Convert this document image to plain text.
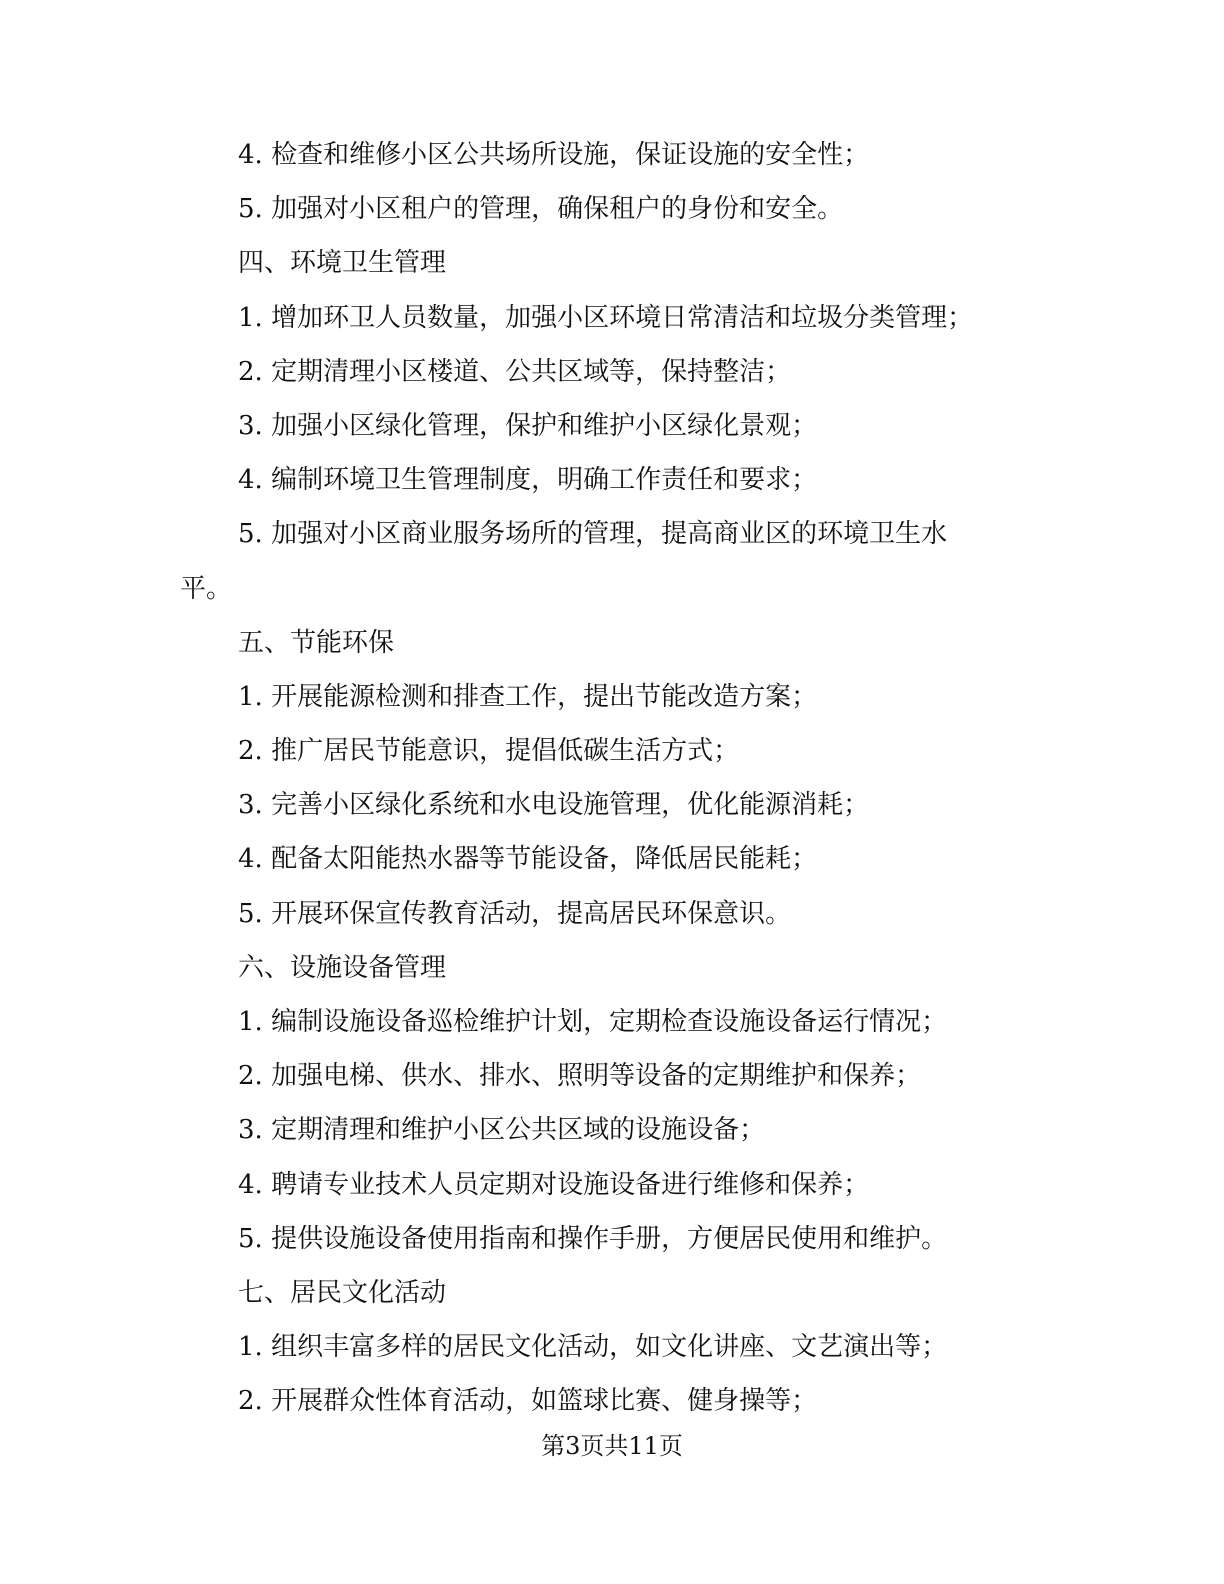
4. 检查和维修小区公共场所设施，保证设施的安全性；
5. 加强对小区租户的管理，确保租户的身份和安全。
四、环境卫生管理
1. 增加环卫人员数量，加强小区环境日常清洁和垃圾分类管理；
2. 定期清理小区楼道、公共区域等，保持整洁；
3. 加强小区绿化管理，保护和维护小区绿化景观；
4. 编制环境卫生管理制度，明确工作责任和要求；
5. 加强对小区商业服务场所的管理，提高商业区的环境卫生水
平。
五、节能环保
1. 开展能源检测和排查工作，提出节能改造方案；
2. 推广居民节能意识，提倡低碳生活方式；
3. 完善小区绿化系统和水电设施管理，优化能源消耗；
4. 配备太阳能热水器等节能设备，降低居民能耗；
5. 开展环保宣传教育活动，提高居民环保意识。
六、设施设备管理
1. 编制设施设备巡检维护计划，定期检查设施设备运行情况；
2. 加强电梯、供水、排水、照明等设备的定期维护和保养；
3. 定期清理和维护小区公共区域的设施设备；
4. 聘请专业技术人员定期对设施设备进行维修和保养；
5. 提供设施设备使用指南和操作手册，方便居民使用和维护。
七、居民文化活动
1. 组织丰富多样的居民文化活动，如文化讲座、文艺演出等；
2. 开展群众性体育活动，如篮球比赛、健身操等；
第3页共11页
